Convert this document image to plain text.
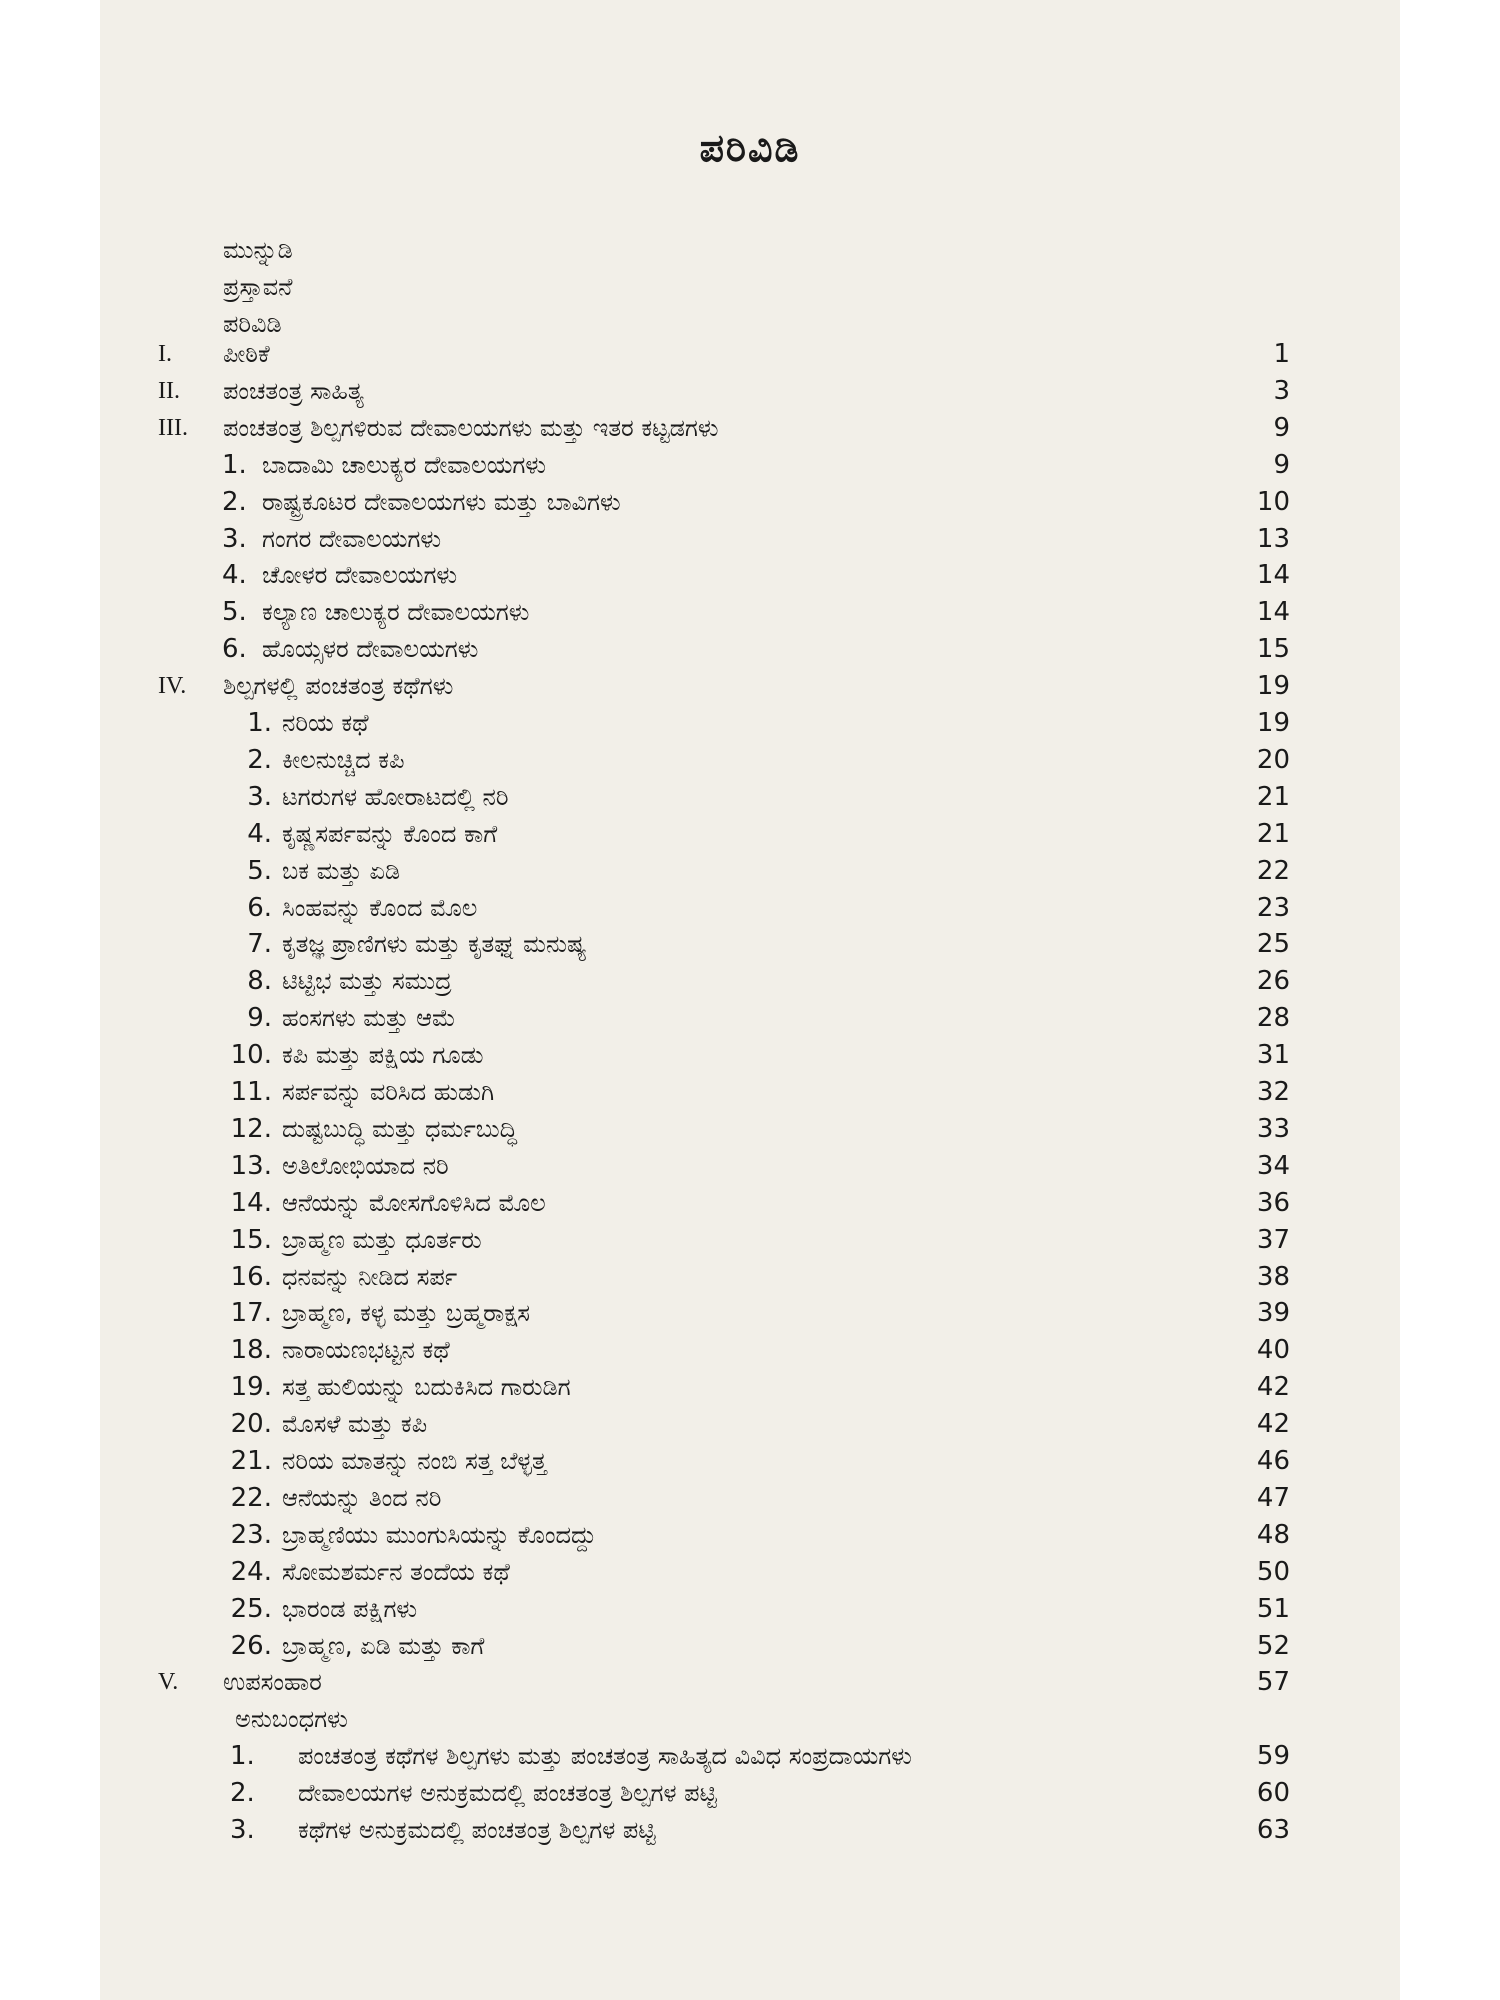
ಪರಿವಿಡಿ
ಮುನ್ನುಡಿ
ಪ್ರಸ್ತಾವನೆ
ಪರಿವಿಡಿ
I. ಪೀಠಿಕೆ	1
II. ಪಂಚತಂತ್ರ ಸಾಹಿತ್ಯ	3
III. ಪಂಚತಂತ್ರ ಶಿಲ್ಪಗಳಿರುವ ದೇವಾಲಯಗಳು ಮತ್ತು ಇತರ ಕಟ್ಟಡಗಳು	9
1. ಬಾದಾಮಿ ಚಾಲುಕ್ಯರ ದೇವಾಲಯಗಳು	9
2. ರಾಷ್ಟ್ರಕೂಟರ ದೇವಾಲಯಗಳು ಮತ್ತು ಬಾವಿಗಳು	10
3. ಗಂಗರ ದೇವಾಲಯಗಳು	13
4. ಚೋಳರ ದೇವಾಲಯಗಳು	14
5. ಕಲ್ಯಾಣ ಚಾಲುಕ್ಯರ ದೇವಾಲಯಗಳು	14
6. ಹೊಯ್ಸಳರ ದೇವಾಲಯಗಳು	15
IV. ಶಿಲ್ಪಗಳಲ್ಲಿ ಪಂಚತಂತ್ರ ಕಥೆಗಳು	19
1. ನರಿಯ ಕಥೆ	19
2. ಕೀಲನುಚ್ಚಿದ ಕಪಿ	20
3. ಟಗರುಗಳ ಹೋರಾಟದಲ್ಲಿ ನರಿ	21
4. ಕೃಷ್ಣಸರ್ಪವನ್ನು ಕೊಂದ ಕಾಗೆ	21
5. ಬಕ ಮತ್ತು ಏಡಿ	22
6. ಸಿಂಹವನ್ನು ಕೊಂದ ಮೊಲ	23
7. ಕೃತಜ್ಞ ಪ್ರಾಣಿಗಳು ಮತ್ತು ಕೃತಘ್ನ ಮನುಷ್ಯ	25
8. ಟಿಟ್ಟಿಭ ಮತ್ತು ಸಮುದ್ರ	26
9. ಹಂಸಗಳು ಮತ್ತು ಆಮೆ	28
10. ಕಪಿ ಮತ್ತು ಪಕ್ಷಿಯ ಗೂಡು	31
11. ಸರ್ಪವನ್ನು ವರಿಸಿದ ಹುಡುಗಿ	32
12. ದುಷ್ಟಬುದ್ಧಿ ಮತ್ತು ಧರ್ಮಬುದ್ಧಿ	33
13. ಅತಿಲೋಭಿಯಾದ ನರಿ	34
14. ಆನೆಯನ್ನು ಮೋಸಗೊಳಿಸಿದ ಮೊಲ	36
15. ಬ್ರಾಹ್ಮಣ ಮತ್ತು ಧೂರ್ತರು	37
16. ಧನವನ್ನು ನೀಡಿದ ಸರ್ಪ	38
17. ಬ್ರಾಹ್ಮಣ, ಕಳ್ಳ ಮತ್ತು ಬ್ರಹ್ಮರಾಕ್ಷಸ	39
18. ನಾರಾಯಣಭಟ್ಟನ ಕಥೆ	40
19. ಸತ್ತ ಹುಲಿಯನ್ನು ಬದುಕಿಸಿದ ಗಾರುಡಿಗ	42
20. ಮೊಸಳೆ ಮತ್ತು ಕಪಿ	42
21. ನರಿಯ ಮಾತನ್ನು ನಂಬಿ ಸತ್ತ ಬೆಳ್ಳತ್ತ	46
22. ಆನೆಯನ್ನು ತಿಂದ ನರಿ	47
23. ಬ್ರಾಹ್ಮಣಿಯು ಮುಂಗುಸಿಯನ್ನು ಕೊಂದದ್ದು	48
24. ಸೋಮಶರ್ಮನ ತಂದೆಯ ಕಥೆ	50
25. ಭಾರಂಡ ಪಕ್ಷಿಗಳು	51
26. ಬ್ರಾಹ್ಮಣ, ಏಡಿ ಮತ್ತು ಕಾಗೆ	52
V. ಉಪಸಂಹಾರ	57
ಅನುಬಂಧಗಳು
1. ಪಂಚತಂತ್ರ ಕಥೆಗಳ ಶಿಲ್ಪಗಳು ಮತ್ತು ಪಂಚತಂತ್ರ ಸಾಹಿತ್ಯದ ವಿವಿಧ ಸಂಪ್ರದಾಯಗಳು	59
2. ದೇವಾಲಯಗಳ ಅನುಕ್ರಮದಲ್ಲಿ ಪಂಚತಂತ್ರ ಶಿಲ್ಪಗಳ ಪಟ್ಟಿ	60
3. ಕಥೆಗಳ ಅನುಕ್ರಮದಲ್ಲಿ ಪಂಚತಂತ್ರ ಶಿಲ್ಪಗಳ ಪಟ್ಟಿ	63
